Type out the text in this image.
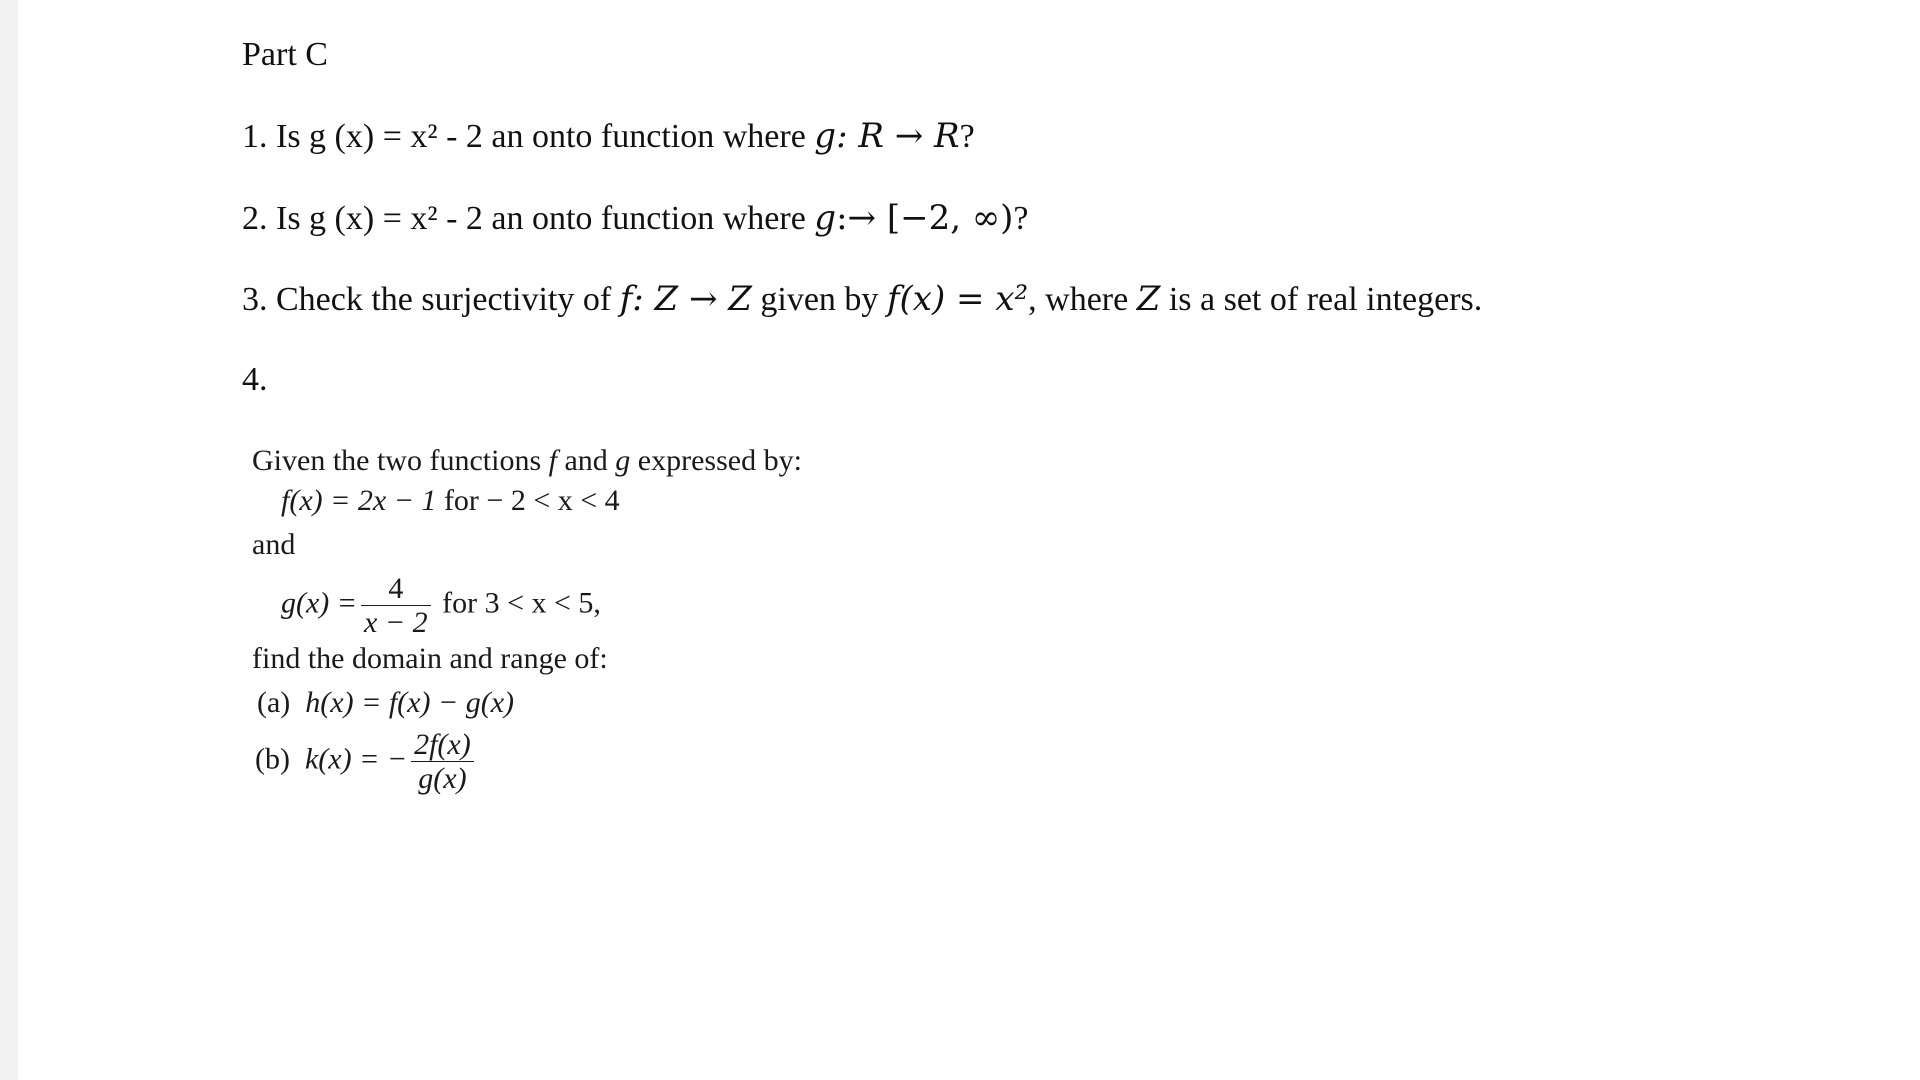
Part C
1. Is g (x) = x² - 2 an onto function where g: R → R?
2. Is g (x) = x² - 2 an onto function where g:→ [−2, ∞)?
3. Check the surjectivity of f: Z → Z given by f(x) = x², where Z is a set of real integers.
4.
Given the two functions f and g expressed by:
f(x) = 2x − 1 for − 2 < x < 4
and
$g(x) = \frac{4}{x - 2}$ for 3 < x < 5,
find the domain and range of:
(a) h(x) = f(x) − g(x)
(b) k(x) = − $\frac{2f(x)}{g(x)}$
